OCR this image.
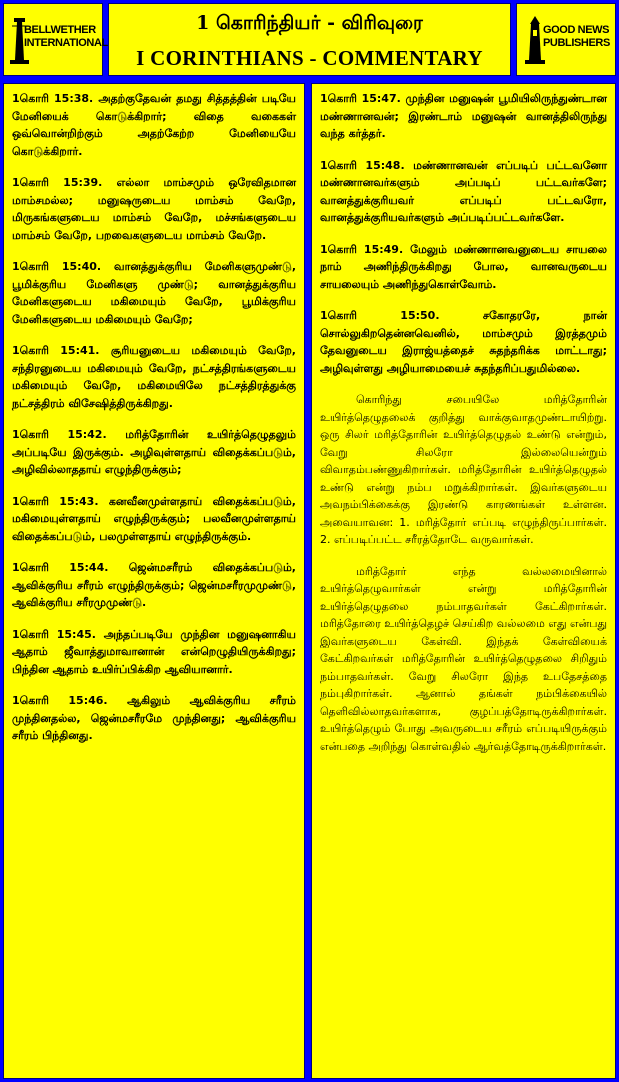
BELLWETHER INTERNATIONAL
1 கொரிந்தியர் - விரிவுரை
I CORINTHIANS - COMMENTARY
GOOD NEWS PUBLISHERS

1கொரி 15:38. அதற்குதேவன் தமது சித்தத்தின் படியே மேனியைக் கொடுக்கிறார்; விதை வகைகள் ஒவ்வொன்றிற்கும் அதற்கேற்ற மேனியையே கொடுக்கிறார்.

1கொரி 15:39. எல்லா மாம்சமும் ஒரேவிதமான மாம்சமல்ல; மனுஷருடைய மாம்சம் வேறே, மிருகங்களுடைய மாம்சம் வேறே, மச்சங்களுடைய மாம்சம் வேறே, பறவைகளுடைய மாம்சம் வேறே.

1கொரி 15:40. வானத்துக்குரிய மேனிகளுமுண்டு, பூமிக்குரிய மேனிகளு முண்டு; வானத்துக்குரிய மேனிகளுடைய மகிமையும் வேறே, பூமிக்குரிய மேனிகளுடைய மகிமையும் வேறே;

1கொரி 15:41. சூரியனுடைய மகிமையும் வேறே, சந்திரனுடைய மகிமையும் வேறே, நட்சத்திரங்களுடைய மகிமையும் வேறே, மகிமையிலே நட்சத்திரத்துக்கு நட்சத்திரம் விசேஷித்திருக்கிறது.

1கொரி 15:42. மரித்தோரின் உயிர்த்தெழுதலும் அப்படியே இருக்கும். அழிவுள்ளதாய் விதைக்கப்படும், அழிவில்லாததாய் எழுந்திருக்கும்;

1கொரி 15:43. கனவீனமுள்ளதாய் விதைக்கப்படும், மகிமையுள்ளதாய் எழுந்திருக்கும்; பலவீனமுள்ளதாய் விதைக்கப்படும், பலமுள்ளதாய் எழுந்திருக்கும்.

1கொரி 15:44. ஜென்மசரீரம் விதைக்கப்படும், ஆவிக்குரிய சரீரம் எழுந்திருக்கும்; ஜென்மசரீரமுமுண்டு, ஆவிக்குரிய சரீரமுமுண்டு.

1கொரி 15:45. அந்தப்படியே முந்தின மனுஷனாகிய ஆதாம் ஜீவாத்துமாவானான் என்றெழுதியிருக்கிறது; பிந்தின ஆதாம் உயிர்ப்பிக்கிற ஆவியானார்.

1கொரி 15:46. ஆகிலும் ஆவிக்குரிய சரீரம் முந்தினதல்ல, ஜென்மசரீரமே முந்தினது; ஆவிக்குரிய சரீரம் பிந்தினது.

1கொரி 15:47. முந்தின மனுஷன் பூமியிலிருந்துண்டான மண்ணானவன்; இரண்டாம் மனுஷன் வானத்திலிருந்து வந்த கர்த்தர்.

1கொரி 15:48. மண்ணானவன் எப்படிப் பட்டவனோ மண்ணானவர்களும் அப்படிப் பட்டவர்களே; வானத்துக்குரியவர் எப்படிப் பட்டவரோ, வானத்துக்குரியவர்களும் அப்படிப்பட்டவர்களே.

1கொரி 15:49. மேலும் மண்ணானவனுடைய சாயலை நாம் அணிந்திருக்கிறது போல, வானவருடைய சாயலையும் அணிந்துகொள்வோம்.

1கொரி 15:50.	சகோதரரே, நான் சொல்லுகிறதென்னவெனில், மாம்சமும் இரத்தமும் தேவனுடைய இராஜ்யத்தைச் சுதந்தரிக்க மாட்டாது; அழிவுள்ளது அழியாமையைச் சுதந்தரிப்பதுமில்லை.

கொரிந்து சபையிலே மரித்தோரின் உயிர்த்தெழுதலைக் குறித்து வாக்குவாதமுண்டாயிற்று. ஒரு சிலர் மரித்தோரின் உயிர்த்தெழுதல் உண்டு என்றும், வேறு சிலரோ இல்லையென்றும் விவாதம்பண்ணுகிறார்கள். மரித்தோரின் உயிர்த்தெழுதல் உண்டு என்று நம்ப மறுக்கிறார்கள். இவர்களுடைய அவநம்பிக்கைக்கு இரண்டு காரணங்கள் உள்ளன. அவையாவன: 1. மரித்தோர் எப்படி எழுந்திருப்பார்கள். 2. எப்படிப்பட்ட சரீரத்தோடே வருவார்கள்.

மரித்தோர் எந்த வல்லமையினால் உயிர்த்தெழுவார்கள் என்று மரித்தோரின் உயிர்த்தெழுதலை நம்பாதவர்கள் கேட்கிறார்கள். மரித்தோரை உயிர்த்தெழச் செய்கிற வல்லமை எது என்பது இவர்களுடைய கேள்வி. இந்தக் கேள்வியைக் கேட்கிறவர்கள் மரித்தோரின் உயிர்த்தெழுதலை சிறிதும் நம்பாதவர்கள். வேறு சிலரோ இந்த உபதேசத்தை நம்புகிறார்கள். ஆனால் தங்கள் நம்பிக்கையில் தெளிவில்லாதவர்களாக, குழப்பத்தோடிருக்கிறார்கள். உயிர்த்தெழும் போது அவருடைய சரீரம் எப்படியிருக்கும் என்பதை அறிந்து கொள்வதில் ஆர்வத்தோடிருக்கிறார்கள்.
